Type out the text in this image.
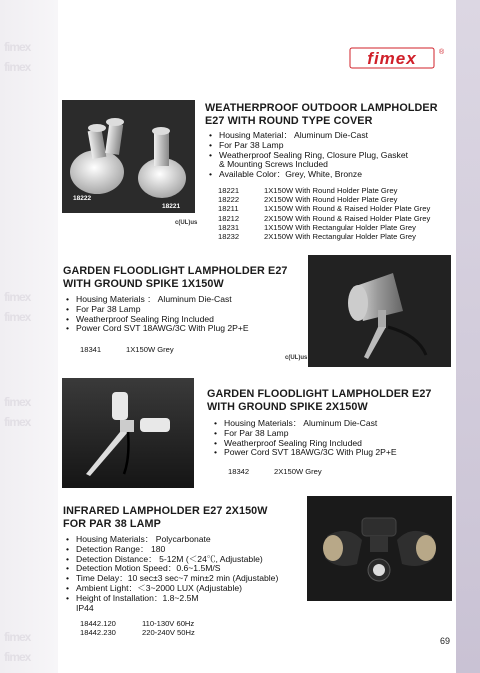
fimex
fimex
fimex
fimex
fimex
fimex
fimex
fimex
fimex	®
18222
18221
WEATHERPROOF OUTDOOR LAMPHOLDER
E27 WITH ROUND TYPE COVER
• Housing Material： Aluminum Die-Cast
• For Par 38 Lamp
• Weatherproof Sealing Ring, Closure Plug, Gasket
& Mounting Screws Included
• Available Color：Grey, White, Bronze
18221	1X150W With Round Holder Plate Grey
18222	2X150W With Round Holder Plate Grey
18211	1X150W With Round & Raised Holder Plate Grey
18212	2X150W With Round & Raised Holder Plate Grey
18231	1X150W With Rectangular Holder Plate Grey
18232	2X150W With Rectangular Holder Plate Grey
c(UL)us
GARDEN FLOODLIGHT LAMPHOLDER E27
WITH GROUND SPIKE 1X150W
• Housing Materials ： Aluminum Die-Cast
• For Par 38 Lamp
• Weatherproof Sealing Ring Included
• Power Cord SVT 18AWG/3C With Plug 2P+E
18341	1X150W Grey
c(UL)us
GARDEN FLOODLIGHT LAMPHOLDER E27
WITH GROUND SPIKE 2X150W
• Housing Materials： Aluminum Die-Cast
• For Par 38 Lamp
• Weatherproof Sealing Ring Included
• Power Cord SVT 18AWG/3C With Plug 2P+E
18342	2X150W Grey
INFRARED LAMPHOLDER E27 2X150W
FOR PAR 38 LAMP
• Housing Materials： Polycarbonate
• Detection Range： 180
• Detection Distance： 5-12M (＜24℃, Adjustable)
• Detection Motion Speed：0.6~1.5M/S
• Time Delay：10 sec±3 sec~7 min±2 min (Adjustable)
• Ambient Light：＜3~2000 LUX (Adjustable)
• Height of Installation：1.8~2.5M
IP44
18442.120	110-130V 60Hz
18442.230	220-240V 50Hz
69
